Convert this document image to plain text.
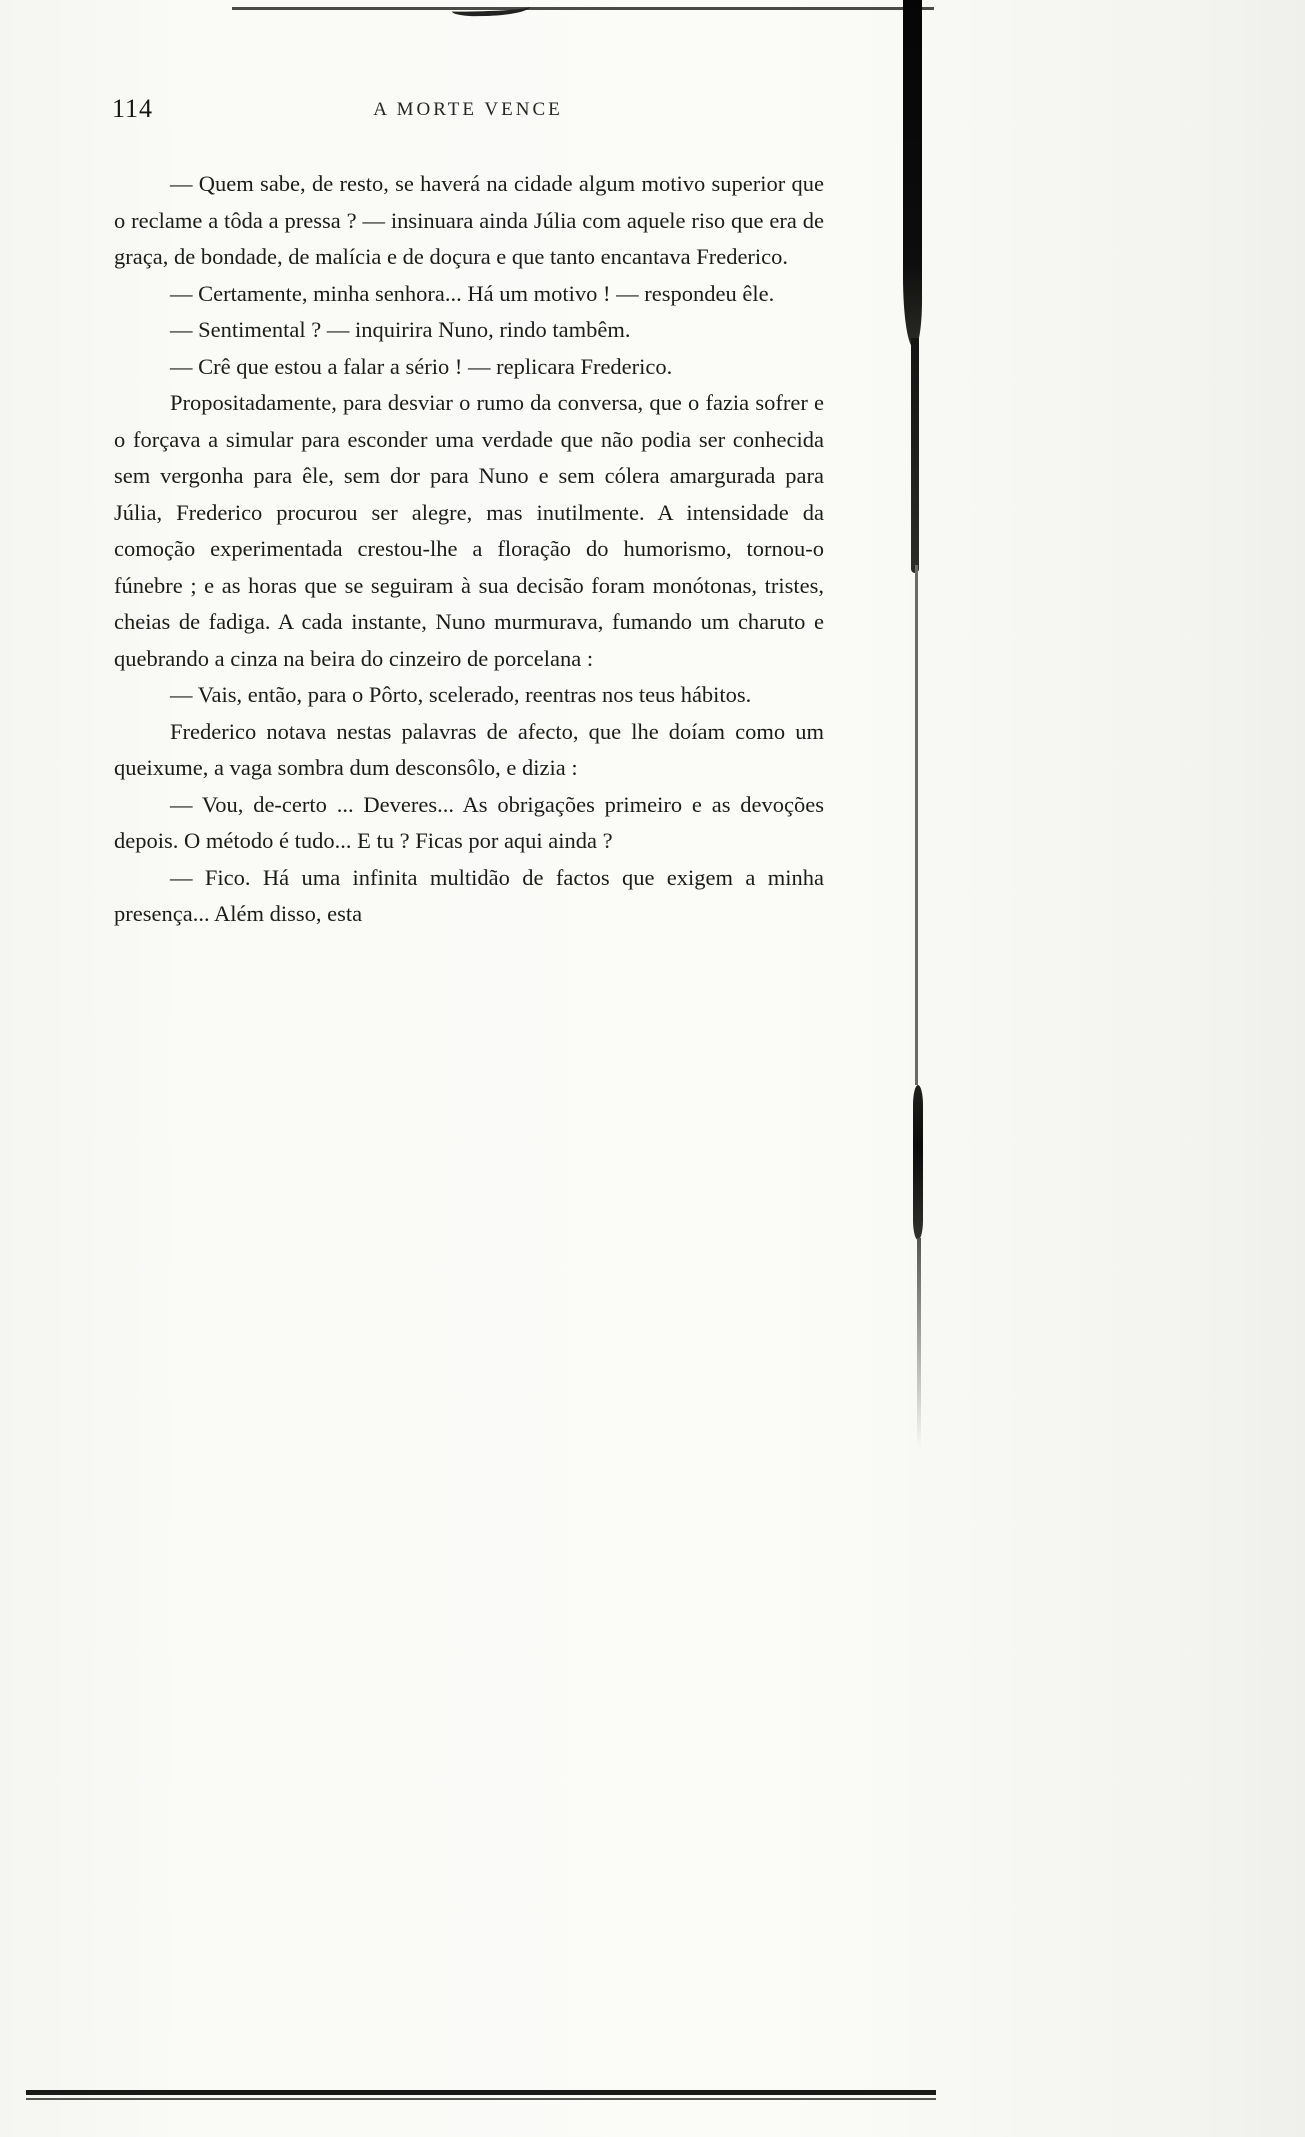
114	A MORTE VENCE

— Quem sabe, de resto, se haverá na cidade algum motivo superior que o reclame a tôda a pressa ? — insinuara ainda Júlia com aquele riso que era de graça, de bondade, de malícia e de doçura e que tanto encantava Frederico.

— Certamente, minha senhora... Há um motivo ! — respondeu êle.

— Sentimental ? — inquirira Nuno, rindo tambêm.

— Crê que estou a falar a sério ! — replicara Frederico.

Propositadamente, para desviar o rumo da conversa, que o fazia sofrer e o forçava a simular para esconder uma verdade que não podia ser conhecida sem vergonha para êle, sem dor para Nuno e sem cólera amargurada para Júlia, Frederico procurou ser alegre, mas inutilmente. A intensidade da comoção experimentada crestou-lhe a floração do humorismo, tornou-o fúnebre ; e as horas que se seguiram à sua decisão foram monótonas, tristes, cheias de fadiga. A cada instante, Nuno murmurava, fumando um charuto e quebrando a cinza na beira do cinzeiro de porcelana :

— Vais, então, para o Pôrto, scelerado, reentras nos teus hábitos.

Frederico notava nestas palavras de afecto, que lhe doíam como um queixume, a vaga sombra dum desconsôlo, e dizia :

— Vou, de-certo ... Deveres... As obrigações primeiro e as devoções depois. O método é tudo... E tu ? Ficas por aqui ainda ?

— Fico. Há uma infinita multidão de factos que exigem a minha presença... Além disso, esta
